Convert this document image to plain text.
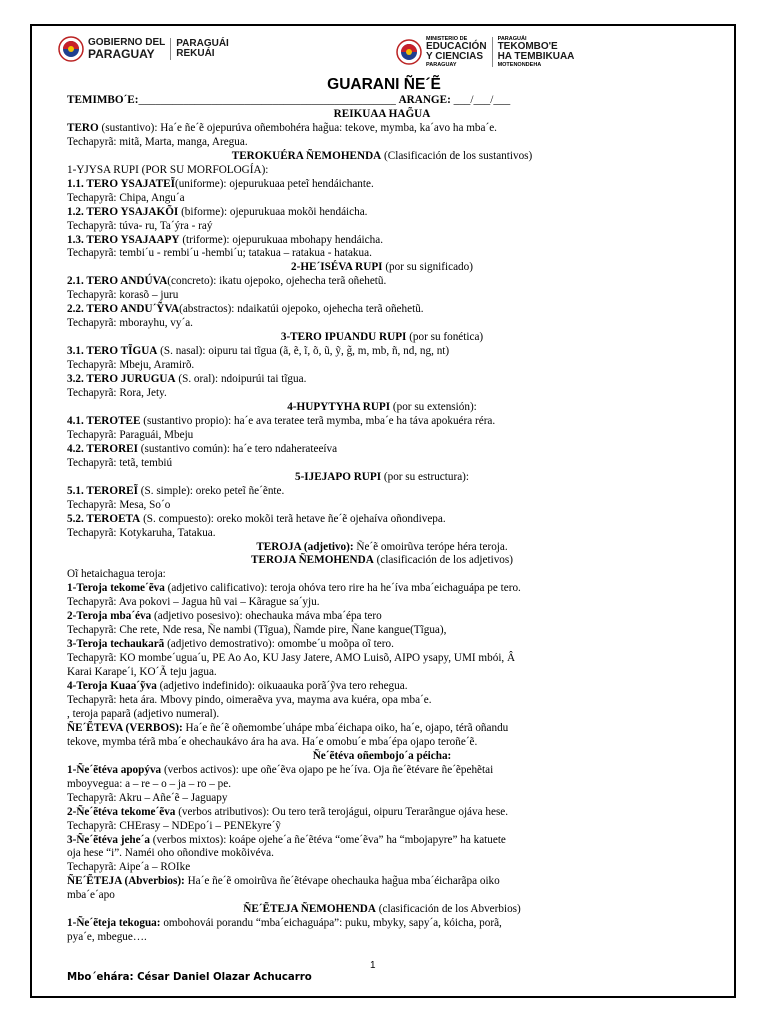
GOBIERNO DEL
PARAGUAY
PARAGUÁI
REKUÁI
MINISTERIO DE
EDUCACIÓN
Y CIENCIAS
PARAGUAY
PARAGUÁI
TEKOMBO'E
HA TEMBIKUAA
MOTENONDEHA
GUARANI ÑE´Ẽ
TEMIMBO´E:______________________________________________ ARANGE: ___/___/___
REIKUAA HAG̃UA
TERO (sustantivo): Ha´e ñe´ẽ ojepurúva oñembohéra hag̃ua: tekove, mymba, ka´avo ha mba´e.
Techapyrã: mitã, Marta, manga, Aregua.
TEROKUÉRA ÑEMOHENDA (Clasificación de los sustantivos)
1-YJYSA RUPI (POR SU MORFOLOGÍA):
1.1. TERO YSAJATEĨ(uniforme): ojepurukuaa peteĩ hendáichante.
Techapyrã: Chipa, Angu´a
1.2. TERO YSAJAKÕI (biforme): ojepurukuaa mokõi hendáicha.
Techapyrã: túva- ru, Ta´ýra - raý
1.3. TERO YSAJAAPY (triforme): ojepurukuaa mbohapy hendáicha.
Techapyrã: tembi´u - rembi´u -hembi´u; tatakua – ratakua - hatakua.
2-HE´ISÉVA RUPI (por su significado)
2.1. TERO ANDÚVA(concreto): ikatu ojepoko, ojehecha terã oñehetũ.
Techapyrã: korasõ – juru
2.2. TERO ANDU´ỸVA(abstractos): ndaikatúi ojepoko, ojehecha terã oñehetũ.
Techapyrã: mborayhu, vy´a.
3-TERO IPUANDU RUPI (por su fonética)
3.1. TERO TĨGUA (S. nasal): oipuru tai tĩgua (ã, ẽ, ĩ, õ, ũ, ỹ, g̃, m, mb, ñ, nd, ng, nt)
Techapyrã: Mbeju, Aramirõ.
3.2. TERO JURUGUA (S. oral): ndoipurúi tai tĩgua.
Techapyrã: Rora, Jety.
4-HUPYTYHA RUPI (por su extensión):
4.1. TEROTEE (sustantivo propio): ha´e ava teratee terã mymba, mba´e ha táva apokuéra réra.
Techapyrã: Paraguái, Mbeju
4.2. TEROREI (sustantivo común): ha´e tero ndaherateeíva
Techapyrã: tetã, tembiú
5-IJEJAPO RUPI (por su estructura):
5.1. TEROREĨ (S. simple): oreko peteĩ ñe´ẽnte.
Techapyrã: Mesa, So´o
5.2. TEROETA (S. compuesto): oreko mokõi terã hetave ñe´ẽ ojehaíva oñondivepa.
Techapyrã: Kotykaruha, Tatakua.
TEROJA (adjetivo): Ñe´ẽ omoirũva terópe héra teroja.
TEROJA ÑEMOHENDA (clasificación de los adjetivos)
Oĩ hetaichagua teroja:
1-Teroja tekome´ẽva (adjetivo calificativo): teroja ohóva tero rire ha he´íva mba´eichaguápa pe tero.
Techapyrã: Ava pokovi – Jagua hũ vai – Kãrague sa´yju.
2-Teroja mba´éva (adjetivo posesivo): ohechauka máva mba´épa tero
Techapyrã: Che rete, Nde resa, Ñe nambi (Tĩgua), Ñamde pire, Ñane kangue(Tĩgua),
3-Teroja techaukarã (adjetivo demostrativo): omombe´u moõpa oĩ tero.
Techapyrã: KO mombe´ugua´u, PE Ao Ao, KU Jasy Jatere, AMO Luisõ, AIPO ysapy, UMI mbói, Â
Karai Karape´i, KO´Ã teju jagua.
4-Teroja Kuaa´ỹva (adjetivo indefinido): oikuaauka porã´ỹva tero rehegua.
Techapyrã: heta ára. Mbovy pindo, oimeraẽva yva, mayma ava kuéra, opa mba´e.
, teroja paparã (adjetivo numeral).
ÑE´ẼTEVA (VERBOS): Ha´e ñe´ẽ oñemombe´uhápe mba´éichapa oiko, ha´e, ojapo, térã oñandu
tekove, mymba térã mba´e ohechaukávo ára ha ava. Ha´e omobu´e mba´épa ojapo teroñe´ẽ.
Ñe´ẽtéva oñembojo´a péicha:
1-Ñe´ẽtéva apopýva (verbos activos): upe oñe´ẽva ojapo pe he´íva. Oja ñe´ẽtévare ñe´ẽpehẽtai
mboyvegua: a – re – o – ja – ro – pe.
Techapyrã: Akru – Añe´ẽ – Jaguapy
2-Ñe´ẽtéva tekome´ẽva (verbos atributivos): Ou tero terã terojágui, oipuru Terarãngue ojáva hese.
Techapyrã: CHErasy – NDEpo´i – PENEkyre´ỹ
3-Ñe´ẽtéva jehe´a (verbos mixtos): koápe ojehe´a ñe´ẽtéva “ome´ẽva” ha “mbojapyre” ha katuete
oja hese “i”. Naméi oho oñondive mokõivéva.
Techapyrã: Aipe´a – ROIke
ÑE´ẼTEJA (Abverbios): Ha´e ñe´ẽ omoirũva ñe´ẽtévape ohechauka hag̃ua mba´éicharãpa oiko
mba´e´apo
ÑE´ẼTEJA ÑEMOHENDA (clasificación de los Abverbios)
1-Ñe´ẽteja tekogua: ombohovái porandu “mba´eichaguápa”: puku, mbyky, sapy´a, kóicha, porã,
pya´e, mbegue….
1
Mbo´ehára: César Daniel Olazar Achucarro
